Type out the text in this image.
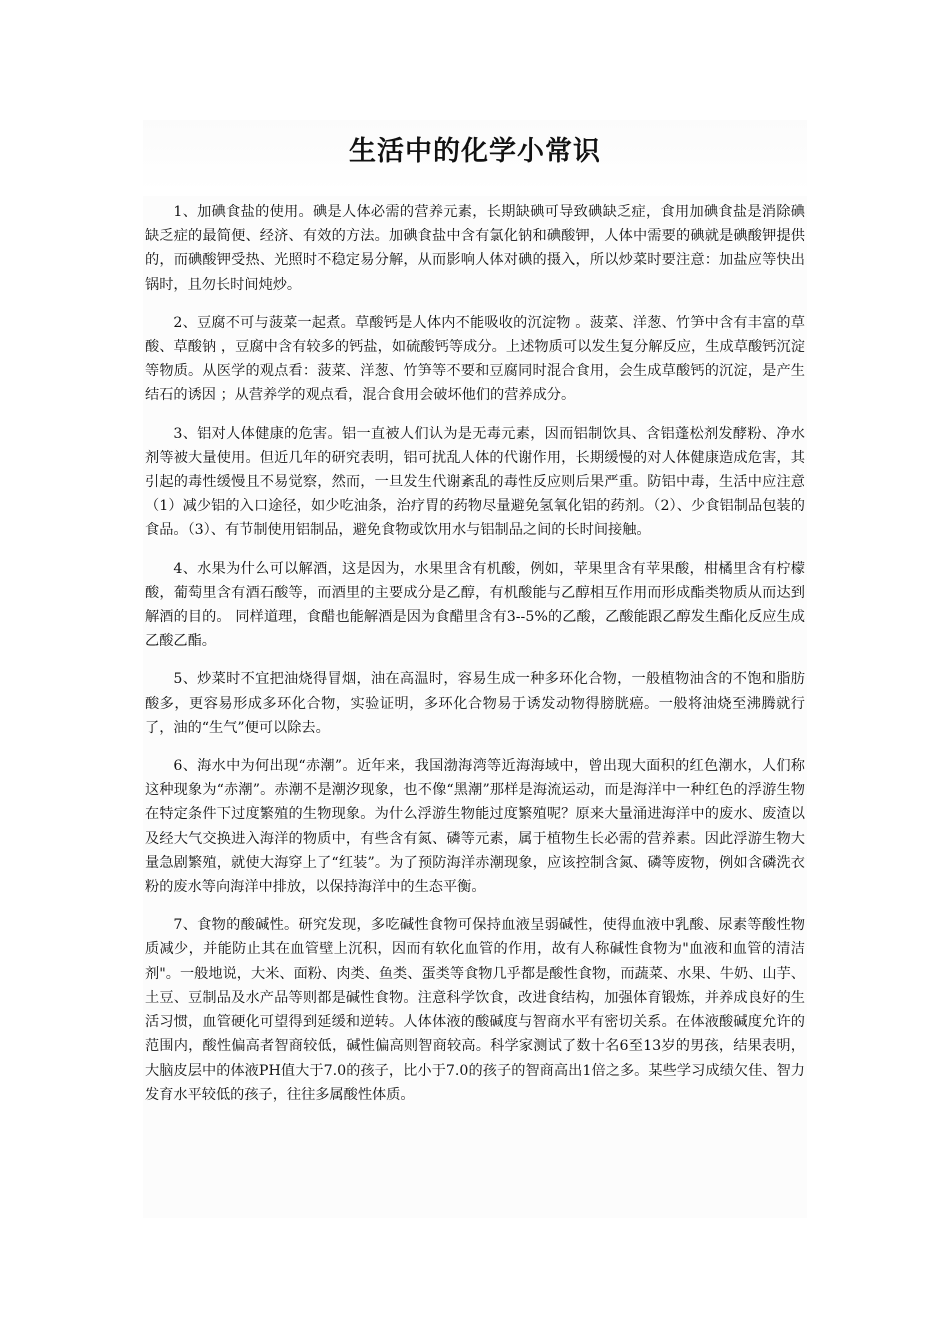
生活中的化学小常识

1、加碘食盐的使用。碘是人体必需的营养元素，长期缺碘可导致碘缺乏症，食用加碘食盐是消除碘缺乏症的最简便、经济、有效的方法。加碘食盐中含有氯化钠和碘酸钾，人体中需要的碘就是碘酸钾提供的，而碘酸钾受热、光照时不稳定易分解，从而影响人体对碘的摄入，所以炒菜时要注意：加盐应等快出锅时，且勿长时间炖炒。

2、豆腐不可与菠菜一起煮。草酸钙是人体内不能吸收的沉淀物 。菠菜、洋葱、竹笋中含有丰富的草酸、草酸钠 ，豆腐中含有较多的钙盐，如硫酸钙等成分。上述物质可以发生复分解反应，生成草酸钙沉淀等物质。从医学的观点看：菠菜、洋葱、竹笋等不要和豆腐同时混合食用，会生成草酸钙的沉淀，是产生结石的诱因 ；从营养学的观点看，混合食用会破坏他们的营养成分。

3、铝对人体健康的危害。铝一直被人们认为是无毒元素，因而铝制饮具、含铝蓬松剂发酵粉、净水剂等被大量使用。但近几年的研究表明，铝可扰乱人体的代谢作用，长期缓慢的对人体健康造成危害，其引起的毒性缓慢且不易觉察，然而，一旦发生代谢紊乱的毒性反应则后果严重。防铝中毒，生活中应注意（1）减少铝的入口途径，如少吃油条，治疗胃的药物尽量避免氢氧化铝的药剂。（2）、少食铝制品包装的食品。（3）、有节制使用铝制品，避免食物或饮用水与铝制品之间的长时间接触。

4、水果为什么可以解酒，这是因为，水果里含有机酸，例如，苹果里含有苹果酸，柑橘里含有柠檬酸，葡萄里含有酒石酸等，而酒里的主要成分是乙醇，有机酸能与乙醇相互作用而形成酯类物质从而达到解酒的目的。 同样道理，食醋也能解酒是因为食醋里含有3--5%的乙酸，乙酸能跟乙醇发生酯化反应生成乙酸乙酯。

5、炒菜时不宜把油烧得冒烟，油在高温时，容易生成一种多环化合物，一般植物油含的不饱和脂肪酸多，更容易形成多环化合物，实验证明，多环化合物易于诱发动物得膀胱癌。一般将油烧至沸腾就行了，油的“生气”便可以除去。

6、海水中为何出现“赤潮”。近年来，我国渤海湾等近海海域中，曾出现大面积的红色潮水，人们称这种现象为“赤潮”。赤潮不是潮汐现象，也不像“黑潮”那样是海流运动，而是海洋中一种红色的浮游生物在特定条件下过度繁殖的生物现象。为什么浮游生物能过度繁殖呢？原来大量涌进海洋中的废水、废渣以及经大气交换进入海洋的物质中，有些含有氮、磷等元素，属于植物生长必需的营养素。因此浮游生物大量急剧繁殖，就使大海穿上了“红装”。为了预防海洋赤潮现象，应该控制含氮、磷等废物，例如含磷洗衣粉的废水等向海洋中排放，以保持海洋中的生态平衡。

7、食物的酸碱性。研究发现，多吃碱性食物可保持血液呈弱碱性，使得血液中乳酸、尿素等酸性物质减少，并能防止其在血管壁上沉积，因而有软化血管的作用，故有人称碱性食物为"血液和血管的清洁剂"。一般地说，大米、面粉、肉类、鱼类、蛋类等食物几乎都是酸性食物，而蔬菜、水果、牛奶、山芋、土豆、豆制品及水产品等则都是碱性食物。注意科学饮食，改进食结构，加强体育锻炼，并养成良好的生活习惯，血管硬化可望得到延缓和逆转。人体体液的酸碱度与智商水平有密切关系。在体液酸碱度允许的范围内，酸性偏高者智商较低，碱性偏高则智商较高。科学家测试了数十名6至13岁的男孩，结果表明，大脑皮层中的体液PH值大于7.0的孩子，比小于7.0的孩子的智商高出1倍之多。某些学习成绩欠佳、智力发育水平较低的孩子，往往多属酸性体质。
